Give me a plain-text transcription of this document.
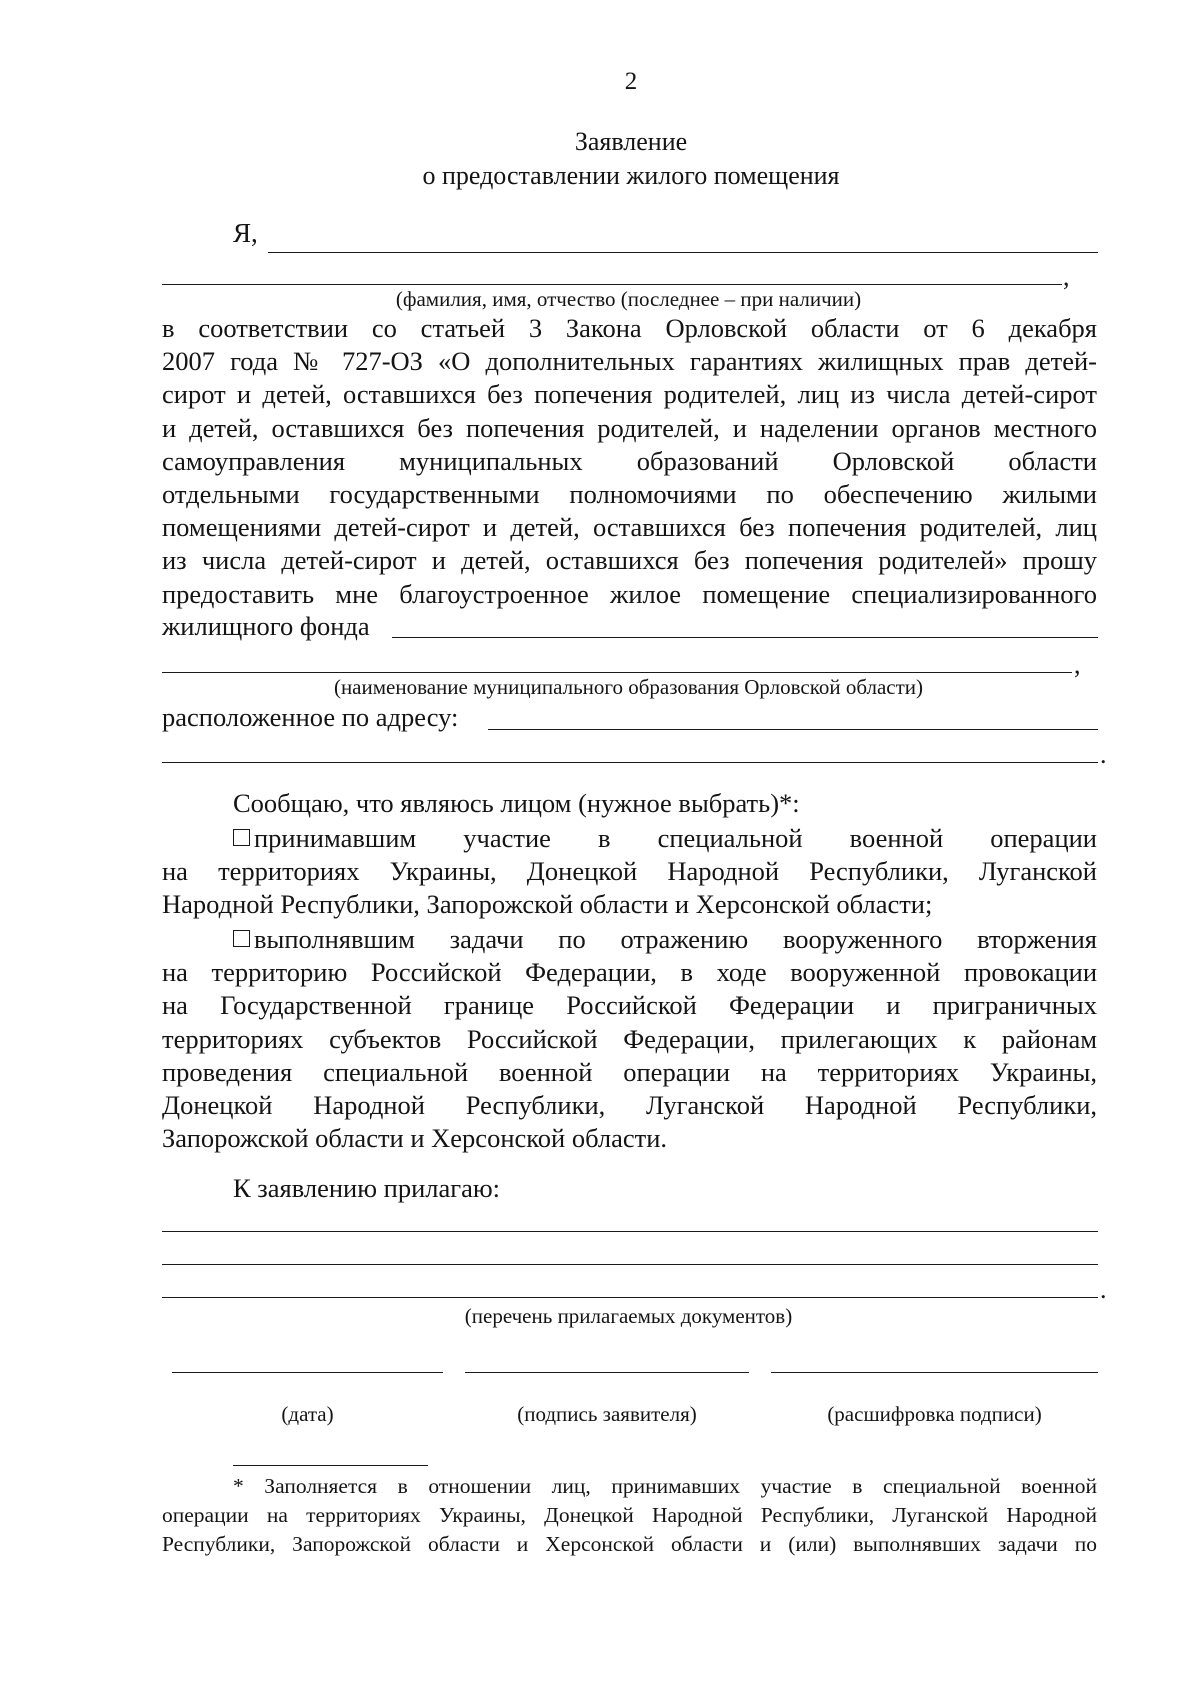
2
Заявление
о предоставлении жилого помещения
Я,
,
(фамилия, имя, отчество (последнее – при наличии)
в соответствии со статьей 3 Закона Орловской области от 6 декабря
2007 года № 727-ОЗ «О дополнительных гарантиях жилищных прав детей-
сирот и детей, оставшихся без попечения родителей, лиц из числа детей-сирот
и детей, оставшихся без попечения родителей, и наделении органов местного
самоуправления муниципальных образований Орловской области
отдельными государственными полномочиями по обеспечению жилыми
помещениями детей-сирот и детей, оставшихся без попечения родителей, лиц
из числа детей-сирот и детей, оставшихся без попечения родителей» прошу
предоставить мне благоустроенное жилое помещение специализированного
жилищного фонда
,
(наименование муниципального образования Орловской области)
расположенное по адресу:
.
Сообщаю, что являюсь лицом (нужное выбрать)*:
принимавшим участие в специальной военной операции
на территориях Украины, Донецкой Народной Республики, Луганской
Народной Республики, Запорожской области и Херсонской области;
выполнявшим задачи по отражению вооруженного вторжения
на территорию Российской Федерации, в ходе вооруженной провокации
на Государственной границе Российской Федерации и приграничных
территориях субъектов Российской Федерации, прилегающих к районам
проведения специальной военной операции на территориях Украины,
Донецкой Народной Республики, Луганской Народной Республики,
Запорожской области и Херсонской области.
К заявлению прилагаю:
.
(перечень прилагаемых документов)
(дата)	(подпись заявителя)	(расшифровка подписи)
* Заполняется в отношении лиц, принимавших участие в специальной военной
операции на территориях Украины, Донецкой Народной Республики, Луганской Народной
Республики, Запорожской области и Херсонской области и (или) выполнявших задачи по
